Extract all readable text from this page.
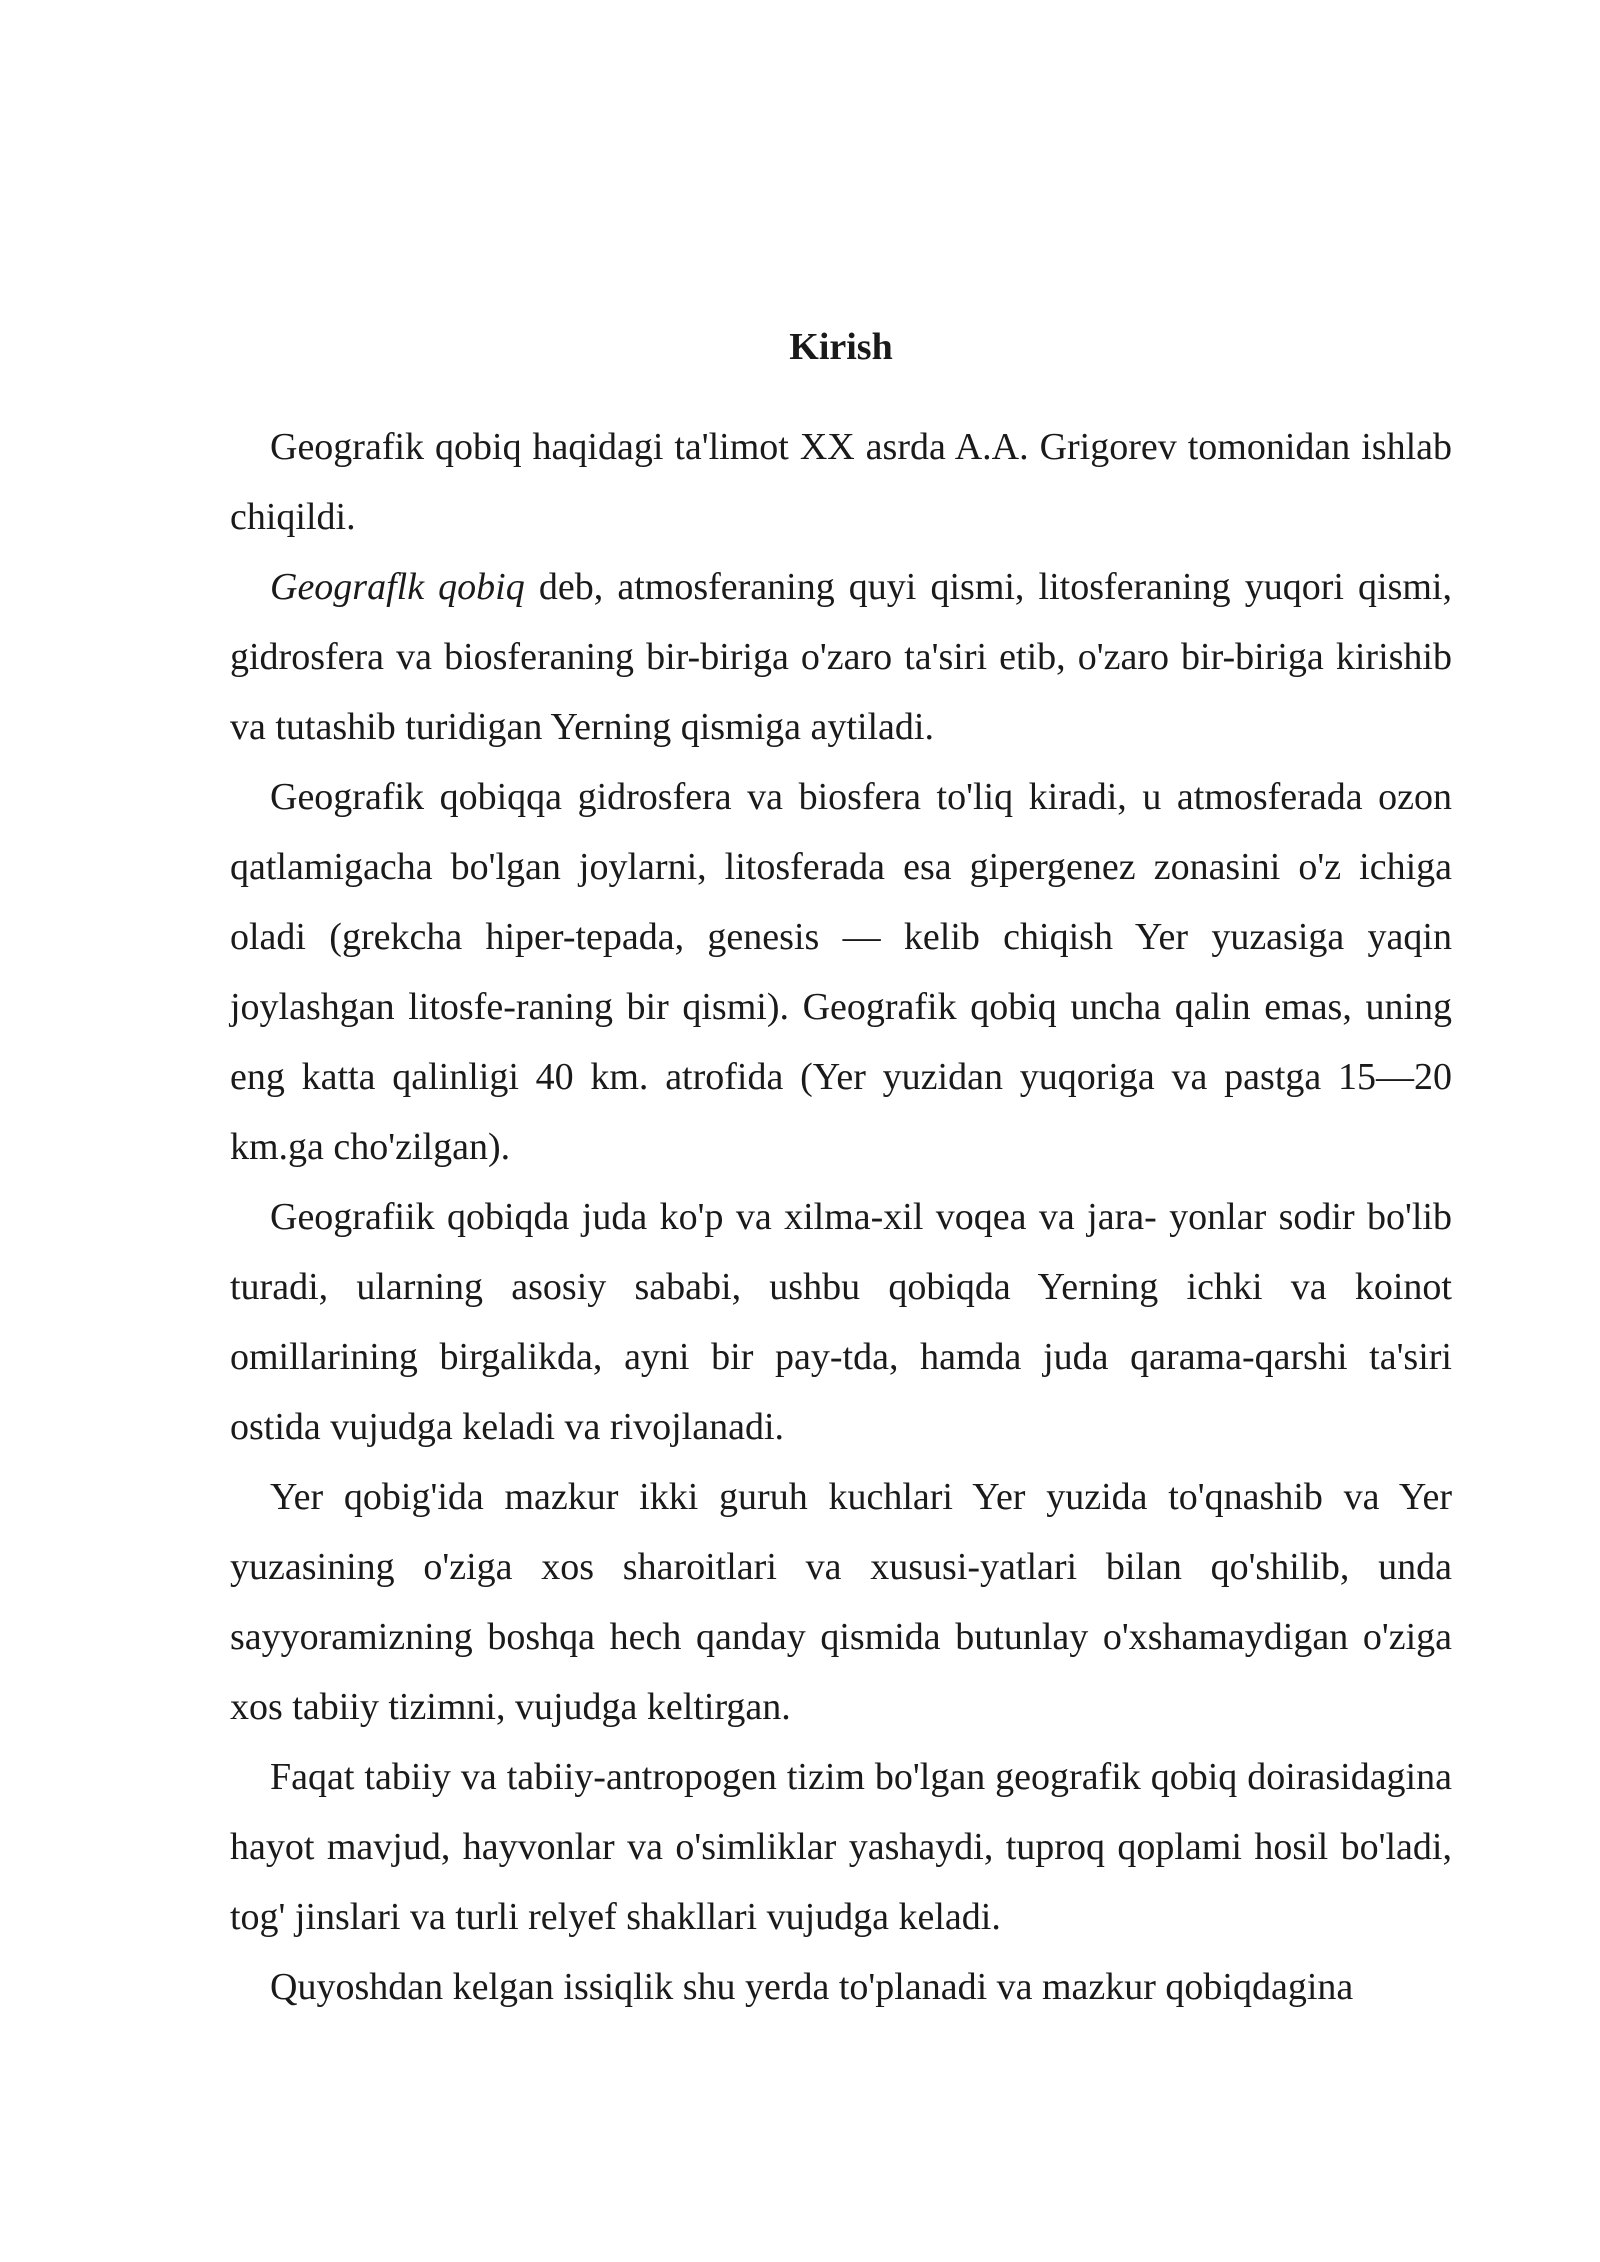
Kirish

Geografik qobiq haqidagi ta'limot XX asrda A.A. Grigorev tomonidan ishlab chiqildi.

Geograflk qobiq deb, atmosferaning quyi qismi, litosferaning yuqori qismi, gidrosfera va biosferaning bir-biriga o'zaro ta'siri etib, o'zaro bir-biriga kirishib va tutashib turidigan Yerning qismiga aytiladi.

Geografik qobiqqa gidrosfera va biosfera to'liq kiradi, u atmosferada ozon qatlamigacha bo'lgan joylarni, litosferada esa gipergenez zonasini o'z ichiga oladi (grekcha hiper-tepada, genesis — kelib chiqish Yer yuzasiga yaqin joylashgan litosfe-raning bir qismi). Geografik qobiq uncha qalin emas, uning eng katta qalinligi 40 km. atrofida (Yer yuzidan yuqoriga va pastga 15—20 km.ga cho'zilgan).

Geografiik qobiqda juda ko'p va xilma-xil voqea va jara- yonlar sodir bo'lib turadi, ularning asosiy sababi, ushbu qobiqda Yerning ichki va koinot omillarining birgalikda, ayni bir pay-tda, hamda juda qarama-qarshi ta'siri ostida vujudga keladi va rivojlanadi.

Yer qobig'ida mazkur ikki guruh kuchlari Yer yuzida to'qnashib va Yer yuzasining o'ziga xos sharoitlari va xususi-yatlari bilan qo'shilib, unda sayyoramizning boshqa hech qanday qismida butunlay o'xshamaydigan o'ziga xos tabiiy tizimni, vujudga keltirgan.

Faqat tabiiy va tabiiy-antropogen tizim bo'lgan geografik qobiq doirasidagina hayot mavjud, hayvonlar va o'simliklar yashaydi, tuproq qoplami hosil bo'ladi, tog' jinslari va turli relyef shakllari vujudga keladi.

Quyoshdan kelgan issiqlik shu yerda to'planadi va mazkur qobiqdagina
